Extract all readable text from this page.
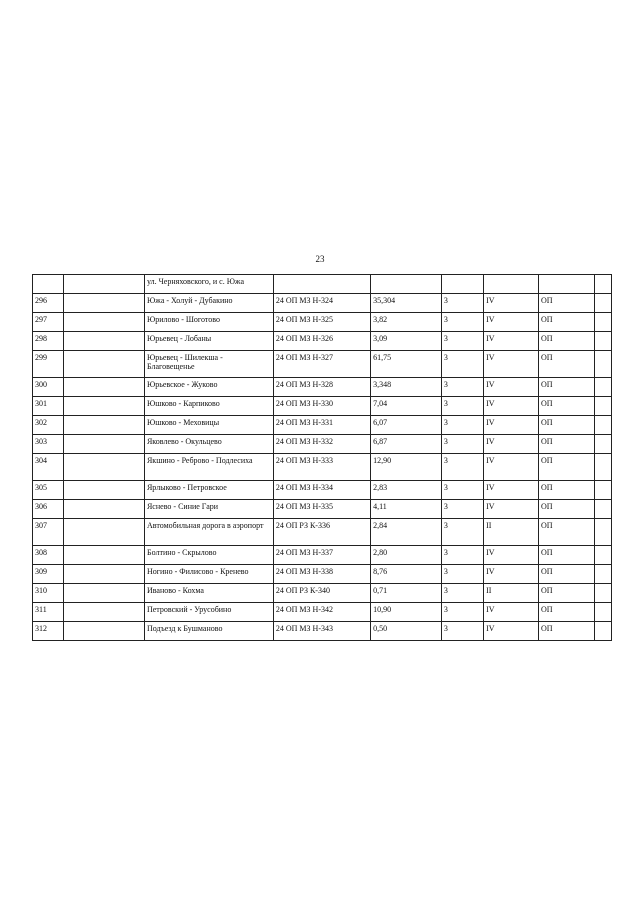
23
		ул. Черняховского, и с. Южа						
296		Южа - Холуй - Дубакино	24 ОП МЗ Н-324	35,304	3	IV	ОП	
297		Юрилово - Шоготово	24 ОП МЗ Н-325	3,82	3	IV	ОП	
298		Юрьевец - Лобаны	24 ОП МЗ Н-326	3,09	3	IV	ОП	
299		Юрьевец - Шилекша - Благовещенье	24 ОП МЗ Н-327	61,75	3	IV	ОП	
300		Юрьевское - Жуково	24 ОП МЗ Н-328	3,348	3	IV	ОП	
301		Юшково - Карпиково	24 ОП МЗ Н-330	7,04	3	IV	ОП	
302		Юшково - Меховицы	24 ОП МЗ Н-331	6,07	3	IV	ОП	
303		Яковлево - Окульцево	24 ОП МЗ Н-332	6,87	3	IV	ОП	
304		Якшино - Реброво - Подлесиха	24 ОП МЗ Н-333	12,90	3	IV	ОП	
305		Ярлыково - Петровское	24 ОП МЗ Н-334	2,83	3	IV	ОП	
306		Яснево - Синие Гари	24 ОП МЗ Н-335	4,11	3	IV	ОП	
307		Автомобильная дорога в аэропорт	24 ОП РЗ К-336	2,84	3	II	ОП	
308		Болтино - Скрылово	24 ОП МЗ Н-337	2,80	3	IV	ОП	
309		Ногино - Филисово - Кренево	24 ОП МЗ Н-338	8,76	3	IV	ОП	
310		Иваново - Кохма	24 ОП РЗ К-340	0,71	3	II	ОП	
311		Петровский - Урусобино	24 ОП МЗ Н-342	10,90	3	IV	ОП	
312		Подъезд к Бушманово	24 ОП МЗ Н-343	0,50	3	IV	ОП	
